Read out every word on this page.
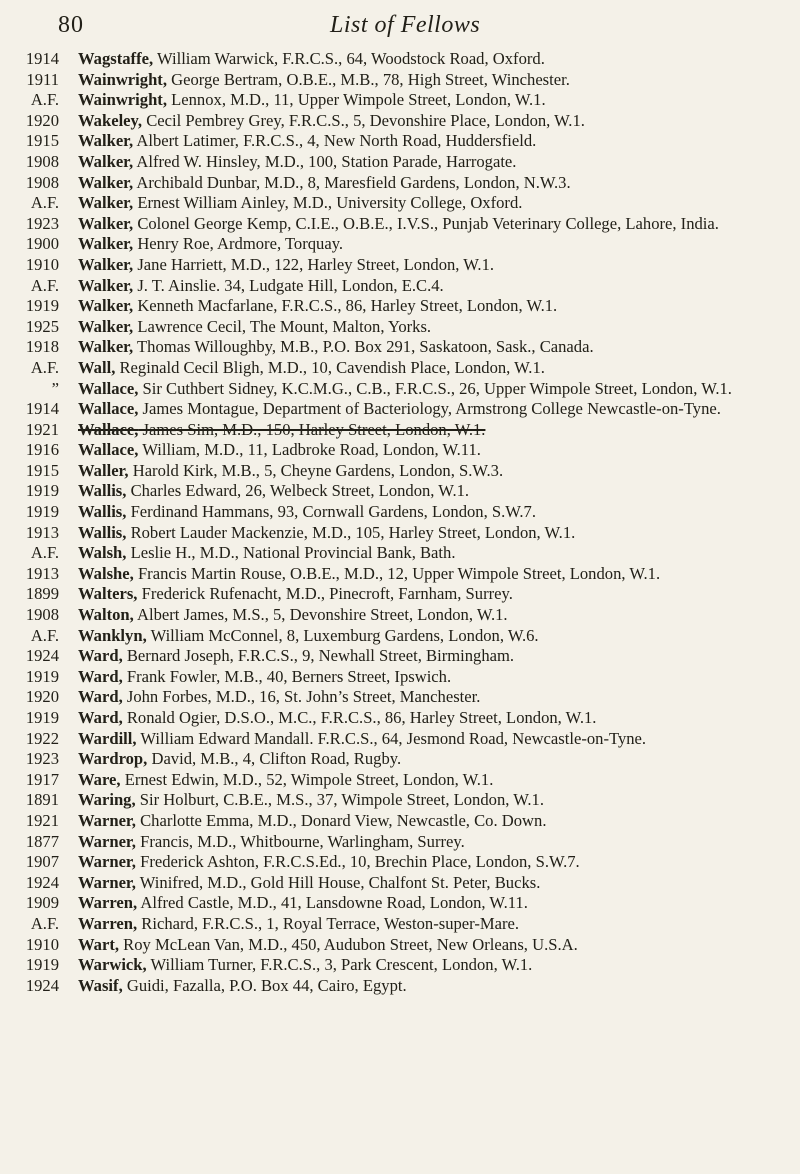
80	List of Fellows
1914	Wagstaffe, William Warwick, F.R.C.S., 64, Woodstock Road, Oxford.
1911	Wainwright, George Bertram, O.B.E., M.B., 78, High Street, Winchester.
A.F.	Wainwright, Lennox, M.D., 11, Upper Wimpole Street, London, W.1.
1920	Wakeley, Cecil Pembrey Grey, F.R.C.S., 5, Devonshire Place, London, W.1.
1915	Walker, Albert Latimer, F.R.C.S., 4, New North Road, Huddersfield.
1908	Walker, Alfred W. Hinsley, M.D., 100, Station Parade, Harrogate.
1908	Walker, Archibald Dunbar, M.D., 8, Maresfield Gardens, London, N.W.3.
A.F.	Walker, Ernest William Ainley, M.D., University College, Oxford.
1923	Walker, Colonel George Kemp, C.I.E., O.B.E., I.V.S., Punjab Veterinary College, Lahore, India.
1900	Walker, Henry Roe, Ardmore, Torquay.
1910	Walker, Jane Harriett, M.D., 122, Harley Street, London, W.1.
A.F.	Walker, J. T. Ainslie. 34, Ludgate Hill, London, E.C.4.
1919	Walker, Kenneth Macfarlane, F.R.C.S., 86, Harley Street, London, W.1.
1925	Walker, Lawrence Cecil, The Mount, Malton, Yorks.
1918	Walker, Thomas Willoughby, M.B., P.O. Box 291, Saskatoon, Sask., Canada.
A.F.	Wall, Reginald Cecil Bligh, M.D., 10, Cavendish Place, London, W.1.
”	Wallace, Sir Cuthbert Sidney, K.C.M.G., C.B., F.R.C.S., 26, Upper Wimpole Street, London, W.1.
1914	Wallace, James Montague, Department of Bacteriology, Armstrong College Newcastle-on-Tyne.
1921	Wallace, James Sim, M.D., 150, Harley Street, London, W.1.
1916	Wallace, William, M.D., 11, Ladbroke Road, London, W.11.
1915	Waller, Harold Kirk, M.B., 5, Cheyne Gardens, London, S.W.3.
1919	Wallis, Charles Edward, 26, Welbeck Street, London, W.1.
1919	Wallis, Ferdinand Hammans, 93, Cornwall Gardens, London, S.W.7.
1913	Wallis, Robert Lauder Mackenzie, M.D., 105, Harley Street, London, W.1.
A.F.	Walsh, Leslie H., M.D., National Provincial Bank, Bath.
1913	Walshe, Francis Martin Rouse, O.B.E., M.D., 12, Upper Wimpole Street, London, W.1.
1899	Walters, Frederick Rufenacht, M.D., Pinecroft, Farnham, Surrey.
1908	Walton, Albert James, M.S., 5, Devonshire Street, London, W.1.
A.F.	Wanklyn, William McConnel, 8, Luxemburg Gardens, London, W.6.
1924	Ward, Bernard Joseph, F.R.C.S., 9, Newhall Street, Birmingham.
1919	Ward, Frank Fowler, M.B., 40, Berners Street, Ipswich.
1920	Ward, John Forbes, M.D., 16, St. John’s Street, Manchester.
1919	Ward, Ronald Ogier, D.S.O., M.C., F.R.C.S., 86, Harley Street, London, W.1.
1922	Wardill, William Edward Mandall. F.R.C.S., 64, Jesmond Road, Newcastle-on-Tyne.
1923	Wardrop, David, M.B., 4, Clifton Road, Rugby.
1917	Ware, Ernest Edwin, M.D., 52, Wimpole Street, London, W.1.
1891	Waring, Sir Holburt, C.B.E., M.S., 37, Wimpole Street, London, W.1.
1921	Warner, Charlotte Emma, M.D., Donard View, Newcastle, Co. Down.
1877	Warner, Francis, M.D., Whitbourne, Warlingham, Surrey.
1907	Warner, Frederick Ashton, F.R.C.S.Ed., 10, Brechin Place, London, S.W.7.
1924	Warner, Winifred, M.D., Gold Hill House, Chalfont St. Peter, Bucks.
1909	Warren, Alfred Castle, M.D., 41, Lansdowne Road, London, W.11.
A.F.	Warren, Richard, F.R.C.S., 1, Royal Terrace, Weston-super-Mare.
1910	Wart, Roy McLean Van, M.D., 450, Audubon Street, New Orleans, U.S.A.
1919	Warwick, William Turner, F.R.C.S., 3, Park Crescent, London, W.1.
1924	Wasif, Guidi, Fazalla, P.O. Box 44, Cairo, Egypt.
